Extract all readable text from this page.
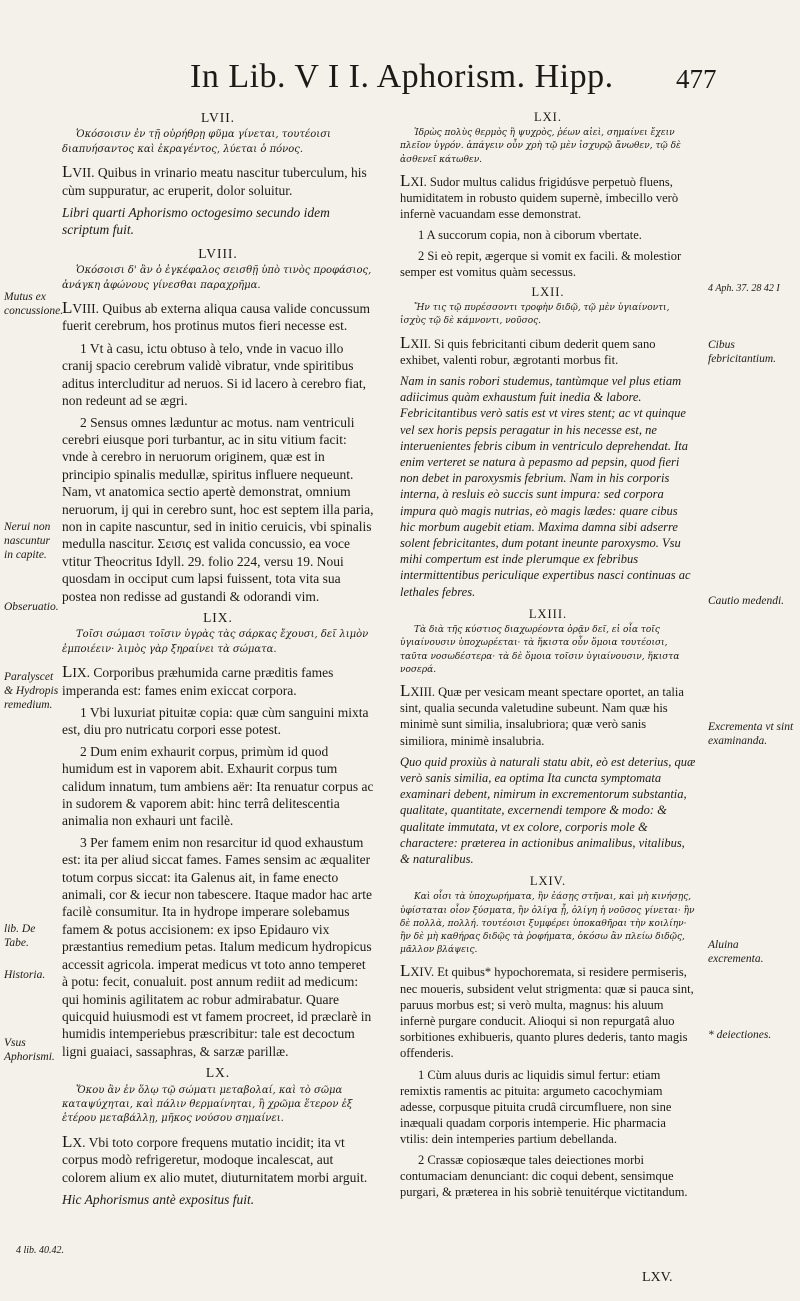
In Lib. V I I. Aphorism. Hipp. 477

LVII.

Ὁκόσοισιν ἐν τῇ οὐρήθρῃ φῦμα γίνεται, τουτέοισι διαπυήσαντος καὶ ἐκραγέντος, λύεται ὁ πόνος.

LVII. Quibus in vrinario meatu nascitur tuberculum, his cùm suppuratur, ac eruperit, dolor soluitur.

Libri quarti Aphorismo octogesimo secundo idem scriptum fuit.

LVIII.

Ὁκόσοισι δ' ἂν ὁ ἐγκέφαλος σεισθῇ ὑπὸ τινὸς προφάσιος, ἀνάγκη ἀφώνους γίνεσθαι παραχρῆμα.

LVIII. Quibus ab externa aliqua causa valide concussum fuerit cerebrum, hos protinus mutos fieri necesse est.

1 Vt à casu, ictu obtuso à telo, vnde in vacuo illo cranij spacio cerebrum validè vibratur, vnde spiritibus aditus intercluditur ad neruos. Si id lacero à cerebro fiat, non redeunt ad se ægri.

2 Sensus omnes læduntur ac motus. nam ventriculi cerebri eiusque pori turbantur, ac in situ vitium facit: vnde à cerebro in neruorum originem, quæ est in principio spinalis medullæ, spiritus influere nequeunt. Nam, vt anatomica sectio apertè demonstrat, omnium neruorum, ij qui in cerebro sunt, hoc est septem illa paria, non in capite nascuntur, sed in initio ceruicis, vbi spinalis medulla nascitur. Σεισις est valida concussio, ea voce vtitur Theocritus Idyll. 29. folio 224, versu 19. Noui quosdam in occiput cum lapsi fuissent, tota vita sua postea non redisse ad gustandi & odorandi vim.

LIX.

Τοῖσι σώμασι τοῖσιν ὑγρὰς τὰς σάρκας ἔχουσι, δεῖ λιμὸν ἐμποιέειν· λιμὸς γὰρ ξηραίνει τὰ σώματα.

LIX. Corporibus præhumida carne præditis fames imperanda est: fames enim exiccat corpora.

1 Vbi luxuriat pituitæ copia: quæ cùm sanguini mixta est, diu pro nutricatu corpori esse potest.

2 Dum enim exhaurit corpus, primùm id quod humidum est in vaporem abit. Exhaurit corpus tum calidum innatum, tum ambiens aër: Ita renuatur corpus ac in sudorem & vaporem abit: hinc terrâ delitescentia animalia non exhauri unt facilè.

3 Per famem enim non resarcitur id quod exhaustum est: ita per aliud siccat fames. Fames sensim ac æqualiter totum corpus siccat: ita Galenus ait, in fame enecto animali, cor & iecur non tabescere. Itaque mador hac arte facilè consumitur. Ita in hydrope imperare solebamus famem & potus accisionem: ex ipso Epidauro vix præstantius remedium petas. Italum medicum hydropicus accessit agricola. imperat medicus vt toto anno temperet à potu: fecit, conualuit. post annum rediit ad medicum: qui hominis agilitatem ac robur admirabatur. Quare quicquid huiusmodi est vt famem procreet, id præclarè in humidis intemperiebus præscribitur: tale est decoctum ligni guaiaci, sassaphras, & sarzæ parillæ.

LX.

Ὅκου ἂν ἐν ὅλῳ τῷ σώματι μεταβολαί, καὶ τὸ σῶμα καταψύχηται, καὶ πάλιν θερμαίνηται, ἢ χρῶμα ἕτερον ἐξ ἑτέρου μεταβάλλῃ, μῆκος νούσου σημαίνει.

LX. Vbi toto corpore frequens mutatio incidit; ita vt corpus modò refrigeretur, modoque incalescat, aut colorem alium ex alio mutet, diuturnitatem morbi arguit.

Hic Aphorismus antè expositus fuit.

LXI.

Ἱδρὼς πολὺς θερμὸς ἢ ψυχρὸς, ῥέων αἰεὶ, σημαίνει ἔχειν πλεῖον ὑγρόν. ἀπάγειν οὖν χρὴ τῷ μὲν ἰσχυρῷ ἄνωθεν, τῷ δὲ ἀσθενεῖ κάτωθεν.

LXI. Sudor multus calidus frigidúsve perpetuò fluens, humiditatem in robusto quidem supernè, imbecillo verò infernè vacuandam esse demonstrat.

1 A succorum copia, non à ciborum vbertate.

2 Si eò repit, ægerque si vomit ex facili. & molestior semper est vomitus quàm secessus.

LXII.

Ἤν τις τῷ πυρέσσοντι τροφὴν διδῷ, τῷ μὲν ὑγιαίνοντι, ἰσχὺς τῷ δὲ κάμνοντι, νοῦσος.

LXII. Si quis febricitanti cibum dederit quem sano exhibet, valenti robur, ægrotanti morbus fit.

Nam in sanis robori studemus, tantùmque vel plus etiam adiicimus quàm exhaustum fuit inedia & labore. Febricitantibus verò satis est vt vires stent; ac vt quinque vel sex horis pepsis peragatur in his necesse est, ne interuenientes febris cibum in ventriculo deprehendat. Ita enim verteret se natura à pepasmo ad pepsin, quod fieri non debet in paroxysmis febrium. Nam in his corporis interna, à resluis eò succis sunt impura: sed corpora impura quò magis nutrias, eò magis lædes: quare cibus hic morbum augebit etiam. Maxima damna sibi adserre solent febricitantes, dum potant ineunte paroxysmo. Vsu mihi compertum est inde plerumque ex febribus intermittentibus periculique expertibus nasci continuas ac lethales febres.

LXIII.

Τὰ διὰ τῆς κύστιος διαχωρέοντα ὁρᾷν δεῖ, εἰ οἷα τοῖς ὑγιαίνουσιν ὑποχωρέεται· τὰ ἥκιστα οὖν ὅμοια τουτέοισι, ταῦτα νοσωδέστερα· τὰ δὲ ὅμοια τοῖσιν ὑγιαίνουσιν, ἥκιστα νοσερά.

LXIII. Quæ per vesicam meant spectare oportet, an talia sint, qualia secunda valetudine subeunt. Nam quæ his minimè sunt similia, insalubriora; quæ verò sanis similiora, minimè insalubria.

Quo quid proxiùs à naturali statu abit, eò est deterius, quæ verò sanis similia, ea optima Ita cuncta symptomata examinari debent, nimirum in excrementorum substantia, qualitate, quantitate, excernendi tempore & modo: & qualitate immutata, vt ex colore, corporis mole & charactere: præterea in actionibus animalibus, vitalibus, & naturalibus.

LXIV.

Καὶ οἷσι τὰ ὑποχωρήματα, ἢν ἐάσῃς στῆναι, καὶ μὴ κινήσῃς, ὑφίσταται οἷον ξύσματα, ἢν ὀλίγα ᾖ, ὀλίγη ἡ νοῦσος γίνεται· ἢν δὲ πολλὰ, πολλή. τουτέοισι ξυμφέρει ὑποκαθῆραι τὴν κοιλίην· ἢν δὲ μὴ καθήρας διδῷς τὰ ῥοφήματα, ὁκόσω ἂν πλείω διδῷς, μᾶλλον βλάψεις.

LXIV. Et quibus* hypochoremata, si residere permiseris, nec moueris, subsident velut strigmenta: quæ si pauca sint, paruus morbus est; si verò multa, magnus: his aluum infernè purgare conducit. Alioqui si non repurgatâ aluo sorbitiones exhibueris, quanto plures dederis, tanto magis offenderis.

1 Cùm aluus duris ac liquidis simul fertur: etiam remixtis ramentis ac pituita: argumeto cacochymiam adesse, corpusque pituita crudâ circumfluere, non sine inæquali quadam corporis intemperie. Hic pharmacia vtilis: dein intemperies partium debellanda.

2 Crassæ copiosæque tales deiectiones morbi contumaciam denunciant: dic coqui debent, sensimque purgari, & præterea in his sobriè tenuitérque victitandum.

Mutus ex concussione.
Nerui non nascuntur in capite.
Obseruatio.
Paralyscet & Hydropis remedium.
lib. De Tabe.
Historia.
Vsus Aphorismi.
4 Aph. 37. 28 42 I
Cibus febricitantium.
Cautio medendi.
Excrementa vt sint examinanda.
Aluina excrementa.
* deiectiones.
4 lib. 40.42.
LXV.
